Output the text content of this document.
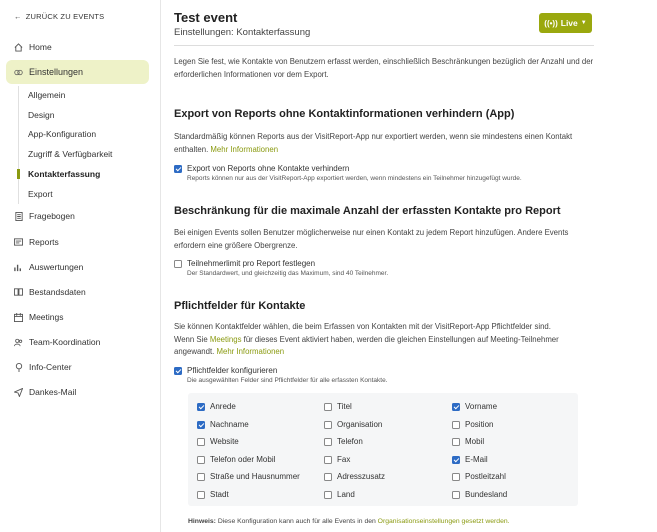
← ZURÜCK ZU EVENTS
Home
Einstellungen
Allgemein
Design
App-Konfiguration
Zugriff & Verfügbarkeit
Kontakterfassung
Export
Fragebogen
Reports
Auswertungen
Bestandsdaten
Meetings
Team-Koordination
Info-Center
Dankes-Mail
Test event
Einstellungen: Kontakterfassung
((•)) Live ▼
Legen Sie fest, wie Kontakte von Benutzern erfasst werden, einschließlich Beschränkungen bezüglich der Anzahl und der erforderlichen Informationen vor dem Export.
Export von Reports ohne Kontaktinformationen verhindern (App)
Standardmäßig können Reports aus der VisitReport-App nur exportiert werden, wenn sie mindestens einen Kontakt enthalten. Mehr Informationen
Export von Reports ohne Kontakte verhindern
Reports können nur aus der VisitReport-App exportiert werden, wenn mindestens ein Teilnehmer hinzugefügt wurde.
Beschränkung für die maximale Anzahl der erfassten Kontakte pro Report
Bei einigen Events sollen Benutzer möglicherweise nur einen Kontakt zu jedem Report hinzufügen. Andere Events erfordern eine größere Obergrenze.
Teilnehmerlimit pro Report festlegen
Der Standardwert, und gleichzeitig das Maximum, sind 40 Teilnehmer.
Pflichtfelder für Kontakte
Sie können Kontaktfelder wählen, die beim Erfassen von Kontakten mit der VisitReport-App Pflichtfelder sind.
Wenn Sie Meetings für dieses Event aktiviert haben, werden die gleichen Einstellungen auf Meeting-Teilnehmer
angewandt. Mehr Informationen
Pflichtfelder konfigurieren
Die ausgewählten Felder sind Pflichtfelder für alle erfassten Kontakte.
Anrede	Titel	Vorname
Nachname	Organisation	Position
Website	Telefon	Mobil
Telefon oder Mobil	Fax	E-Mail
Straße und Hausnummer	Adresszusatz	Postleitzahl
Stadt	Land	Bundesland
Hinweis: Diese Konfiguration kann auch für alle Events in den Organisationseinstellungen gesetzt werden.
